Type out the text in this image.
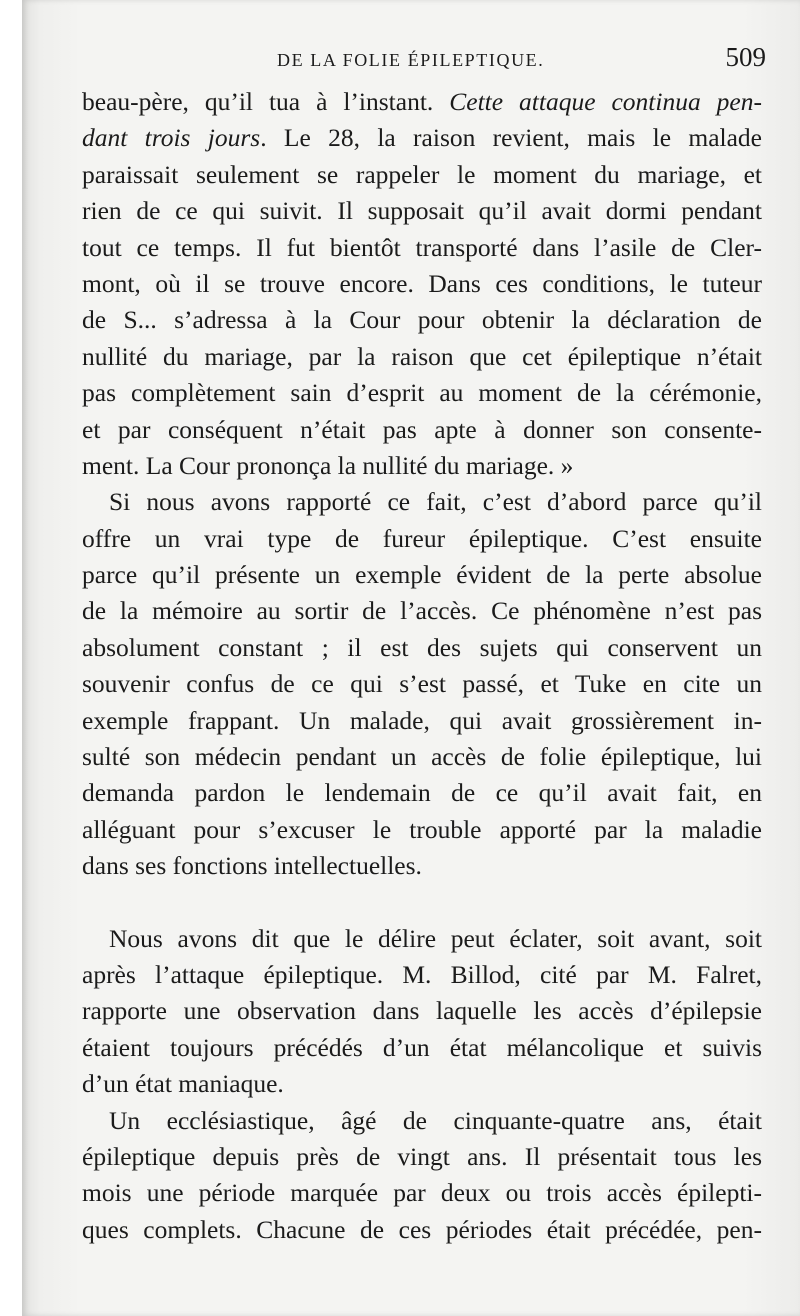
DE LA FOLIE ÉPILEPTIQUE.	509
beau-père, qu’il tua à l’instant. Cette attaque continua pen-
dant trois jours. Le 28, la raison revient, mais le malade
paraissait seulement se rappeler le moment du mariage, et
rien de ce qui suivit. Il supposait qu’il avait dormi pendant
tout ce temps. Il fut bientôt transporté dans l’asile de Cler-
mont, où il se trouve encore. Dans ces conditions, le tuteur
de S... s’adressa à la Cour pour obtenir la déclaration de
nullité du mariage, par la raison que cet épileptique n’était
pas complètement sain d’esprit au moment de la cérémonie,
et par conséquent n’était pas apte à donner son consente-
ment. La Cour prononça la nullité du mariage. »
Si nous avons rapporté ce fait, c’est d’abord parce qu’il
offre un vrai type de fureur épileptique. C’est ensuite
parce qu’il présente un exemple évident de la perte absolue
de la mémoire au sortir de l’accès. Ce phénomène n’est pas
absolument constant ; il est des sujets qui conservent un
souvenir confus de ce qui s’est passé, et Tuke en cite un
exemple frappant. Un malade, qui avait grossièrement in-
sulté son médecin pendant un accès de folie épileptique, lui
demanda pardon le lendemain de ce qu’il avait fait, en
alléguant pour s’excuser le trouble apporté par la maladie
dans ses fonctions intellectuelles.
Nous avons dit que le délire peut éclater, soit avant, soit
après l’attaque épileptique. M. Billod, cité par M. Falret,
rapporte une observation dans laquelle les accès d’épilepsie
étaient toujours précédés d’un état mélancolique et suivis
d’un état maniaque.
Un ecclésiastique, âgé de cinquante-quatre ans, était
épileptique depuis près de vingt ans. Il présentait tous les
mois une période marquée par deux ou trois accès épilepti-
ques complets. Chacune de ces périodes était précédée, pen-
